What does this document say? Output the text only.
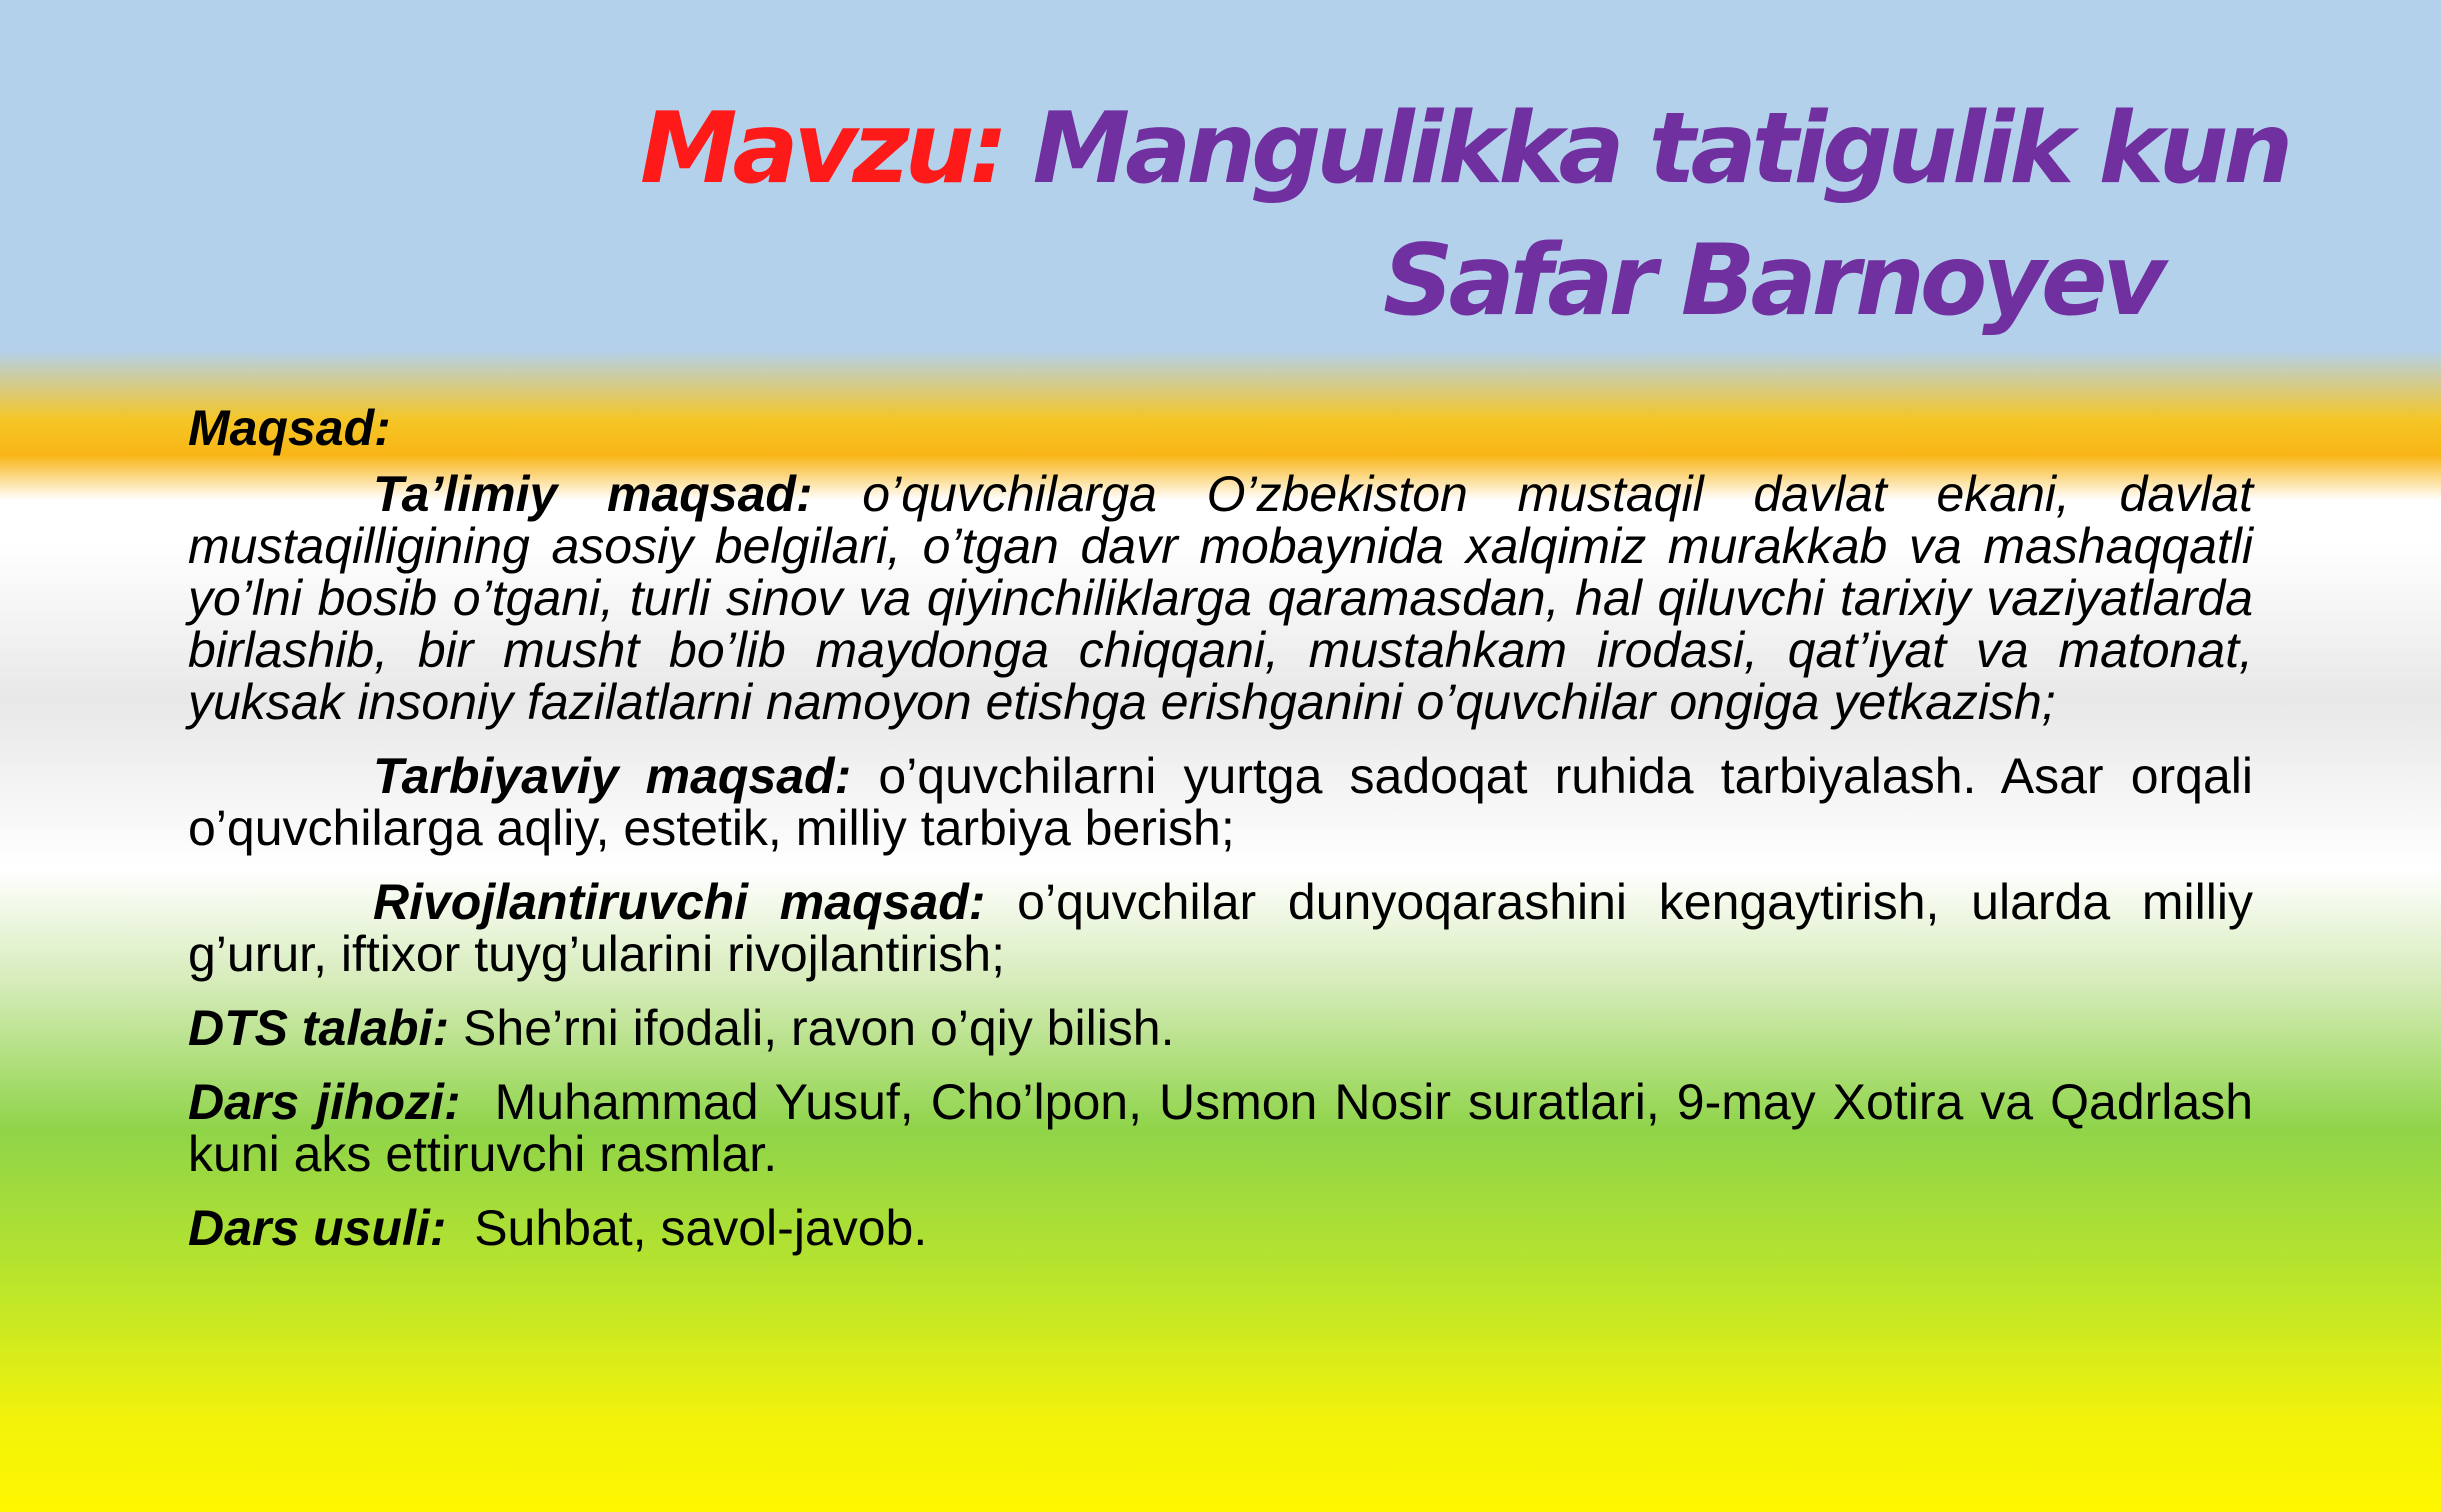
Mavzu: Mangulikka tatigulik kun
Safar Barnoyev

Maqsad:

Ta’limiy maqsad: o’quvchilarga O’zbekiston mustaqil davlat ekani, davlat mustaqilligining asosiy belgilari, o’tgan davr mobaynida xalqimiz murakkab va mashaqqatli yo’lni bosib o’tgani, turli sinov va qiyinchiliklarga qaramasdan, hal qiluvchi tarixiy vaziyatlarda birlashib, bir musht bo’lib maydonga chiqqani, mustahkam irodasi, qat’iyat va matonat, yuksak insoniy fazilatlarni namoyon etishga erishganini o’quvchilar ongiga yetkazish;

Tarbiyaviy maqsad: o’quvchilarni yurtga sadoqat ruhida tarbiyalash. Asar orqali o’quvchilarga aqliy, estetik, milliy tarbiya berish;

Rivojlantiruvchi maqsad: o’quvchilar dunyoqarashini kengaytirish, ularda milliy g’urur, iftixor tuyg’ularini rivojlantirish;

DTS talabi: She’rni ifodali, ravon o’qiy bilish.

Dars jihozi:  Muhammad Yusuf, Cho’lpon, Usmon Nosir suratlari, 9-may Xotira va Qadrlash kuni aks ettiruvchi rasmlar.

Dars usuli:  Suhbat, savol-javob.
